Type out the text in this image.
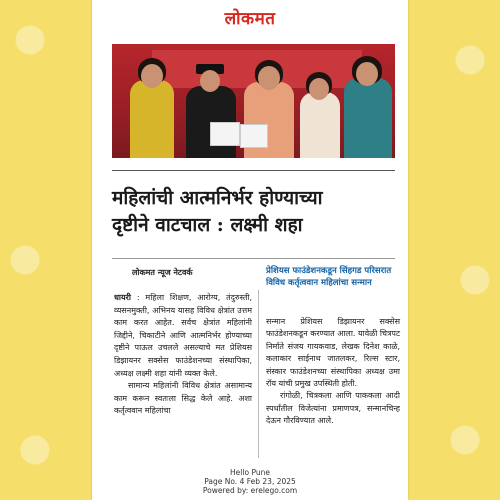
लोकमत
महिलांची आत्मनिर्भर होण्याच्या
दृष्टीने वाटचाल : लक्ष्मी शहा
लोकमत न्यूज नेटवर्क

धायरी : महिला शिक्षण, आरोग्य, तंदुरुस्ती, व्यसनमुक्ती, अभिनय यासह विविध क्षेत्रांत उत्तम काम करत आहेत. सर्वच क्षेत्रांत महिलांनी जिद्दीने, चिकाटीने आणि आत्मनिर्भर होण्याच्या दृष्टीने पाऊल उचलले असल्याचे मत प्रेशियस डिझायनर सक्सेस फाउंडेशनच्या संस्थापिका, अध्यक्ष लक्ष्मी शहा यांनी व्यक्त केले.

सामान्य महिलांनी विविध क्षेत्रांत असामान्य काम करून स्वतःला सिद्ध केले आहे. अशा कर्तृत्ववान महिलांचा

प्रेशियस फाउंडेशनकडून सिंहगड परिसरात विविध कर्तृत्ववान महिलांचा सन्मान

सन्मान प्रेशियस डिझायनर सक्सेस फाउंडेशनकडून करण्यात आला. यावेळी चित्रपट निर्माते संजय गायकवाड, लेखक दिनेश काळे, कलाकार साईनाथ जातलकर, रिल्स स्टार, संस्कार फाउंडेशनच्या संस्थापिका अध्यक्ष उमा रॉय यांची प्रमुख उपस्थिती होती.

रांगोळी, चित्रकला आणि पाककला आदी स्पर्धांतील विजेत्यांना प्रमाणपत्र, सन्मानचिन्ह देऊन गौरविण्यात आले.

Hello Pune
Page No. 4 Feb 23, 2025
Powered by: erelego.com
